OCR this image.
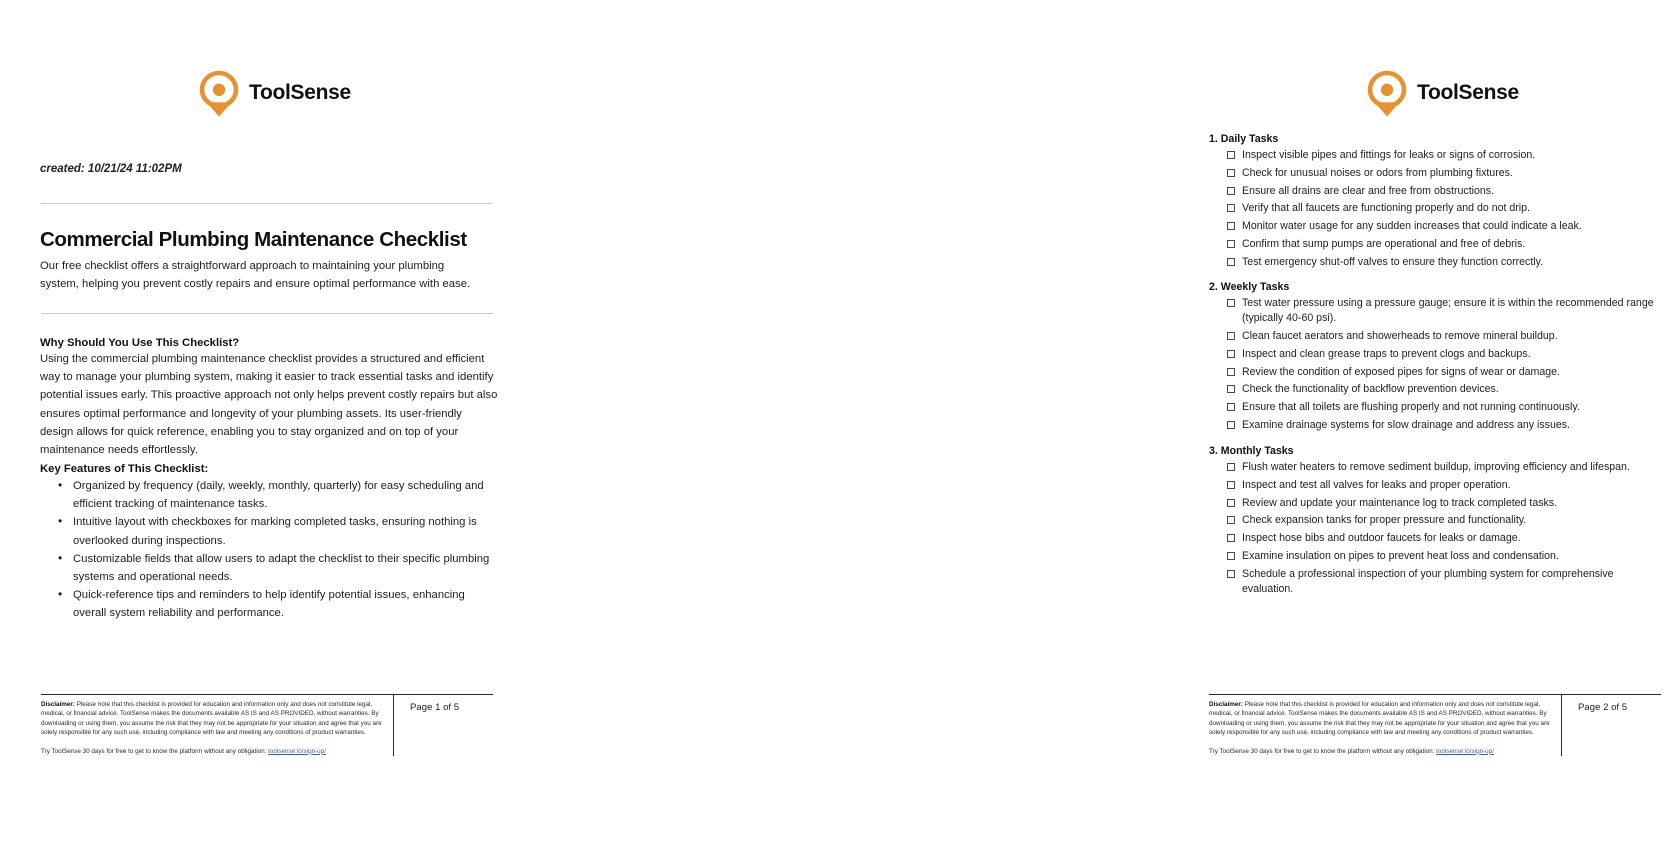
ToolSense
created: 10/21/24 11:02PM
Commercial Plumbing Maintenance Checklist
Our free checklist offers a straightforward approach to maintaining your plumbing system, helping you prevent costly repairs and ensure optimal performance with ease.
Why Should You Use This Checklist?

Using the commercial plumbing maintenance checklist provides a structured and efficient way to manage your plumbing system, making it easier to track essential tasks and identify potential issues early. This proactive approach not only helps prevent costly repairs but also ensures optimal performance and longevity of your plumbing assets. Its user-friendly design allows for quick reference, enabling you to stay organized and on top of your maintenance needs effortlessly.

Key Features of This Checklist:
• Organized by frequency (daily, weekly, monthly, quarterly) for easy scheduling and efficient tracking of maintenance tasks.
• Intuitive layout with checkboxes for marking completed tasks, ensuring nothing is overlooked during inspections.
• Customizable fields that allow users to adapt the checklist to their specific plumbing systems and operational needs.
• Quick-reference tips and reminders to help identify potential issues, enhancing overall system reliability and performance.
Disclaimer: Please note that this checklist is provided for education and information only and does not constitute legal, medical, or financial advice. ToolSense makes the documents available AS IS and AS PROVIDED, without warranties. By downloading or using them, you assume the risk that they may not be appropriate for your situation and agree that you are solely responsible for any such use, including compliance with law and meeting any conditions of product warranties.
Try ToolSense 30 days for free to get to know the platform without any obligation: toolsense.io/sign-up/
Page 1 of 5
ToolSense
1. Daily Tasks
Inspect visible pipes and fittings for leaks or signs of corrosion.
Check for unusual noises or odors from plumbing fixtures.
Ensure all drains are clear and free from obstructions.
Verify that all faucets are functioning properly and do not drip.
Monitor water usage for any sudden increases that could indicate a leak.
Confirm that sump pumps are operational and free of debris.
Test emergency shut-off valves to ensure they function correctly.
2. Weekly Tasks
Test water pressure using a pressure gauge; ensure it is within the recommended range (typically 40-60 psi).
Clean faucet aerators and showerheads to remove mineral buildup.
Inspect and clean grease traps to prevent clogs and backups.
Review the condition of exposed pipes for signs of wear or damage.
Check the functionality of backflow prevention devices.
Ensure that all toilets are flushing properly and not running continuously.
Examine drainage systems for slow drainage and address any issues.
3. Monthly Tasks
Flush water heaters to remove sediment buildup, improving efficiency and lifespan.
Inspect and test all valves for leaks and proper operation.
Review and update your maintenance log to track completed tasks.
Check expansion tanks for proper pressure and functionality.
Inspect hose bibs and outdoor faucets for leaks or damage.
Examine insulation on pipes to prevent heat loss and condensation.
Schedule a professional inspection of your plumbing system for comprehensive evaluation.
Disclaimer: Please note that this checklist is provided for education and information only and does not constitute legal, medical, or financial advice. ToolSense makes the documents available AS IS and AS PROVIDED, without warranties. By downloading or using them, you assume the risk that they may not be appropriate for your situation and agree that you are solely responsible for any such use, including compliance with law and meeting any conditions of product warranties.
Try ToolSense 30 days for free to get to know the platform without any obligation: toolsense.io/sign-up/
Page 2 of 5
